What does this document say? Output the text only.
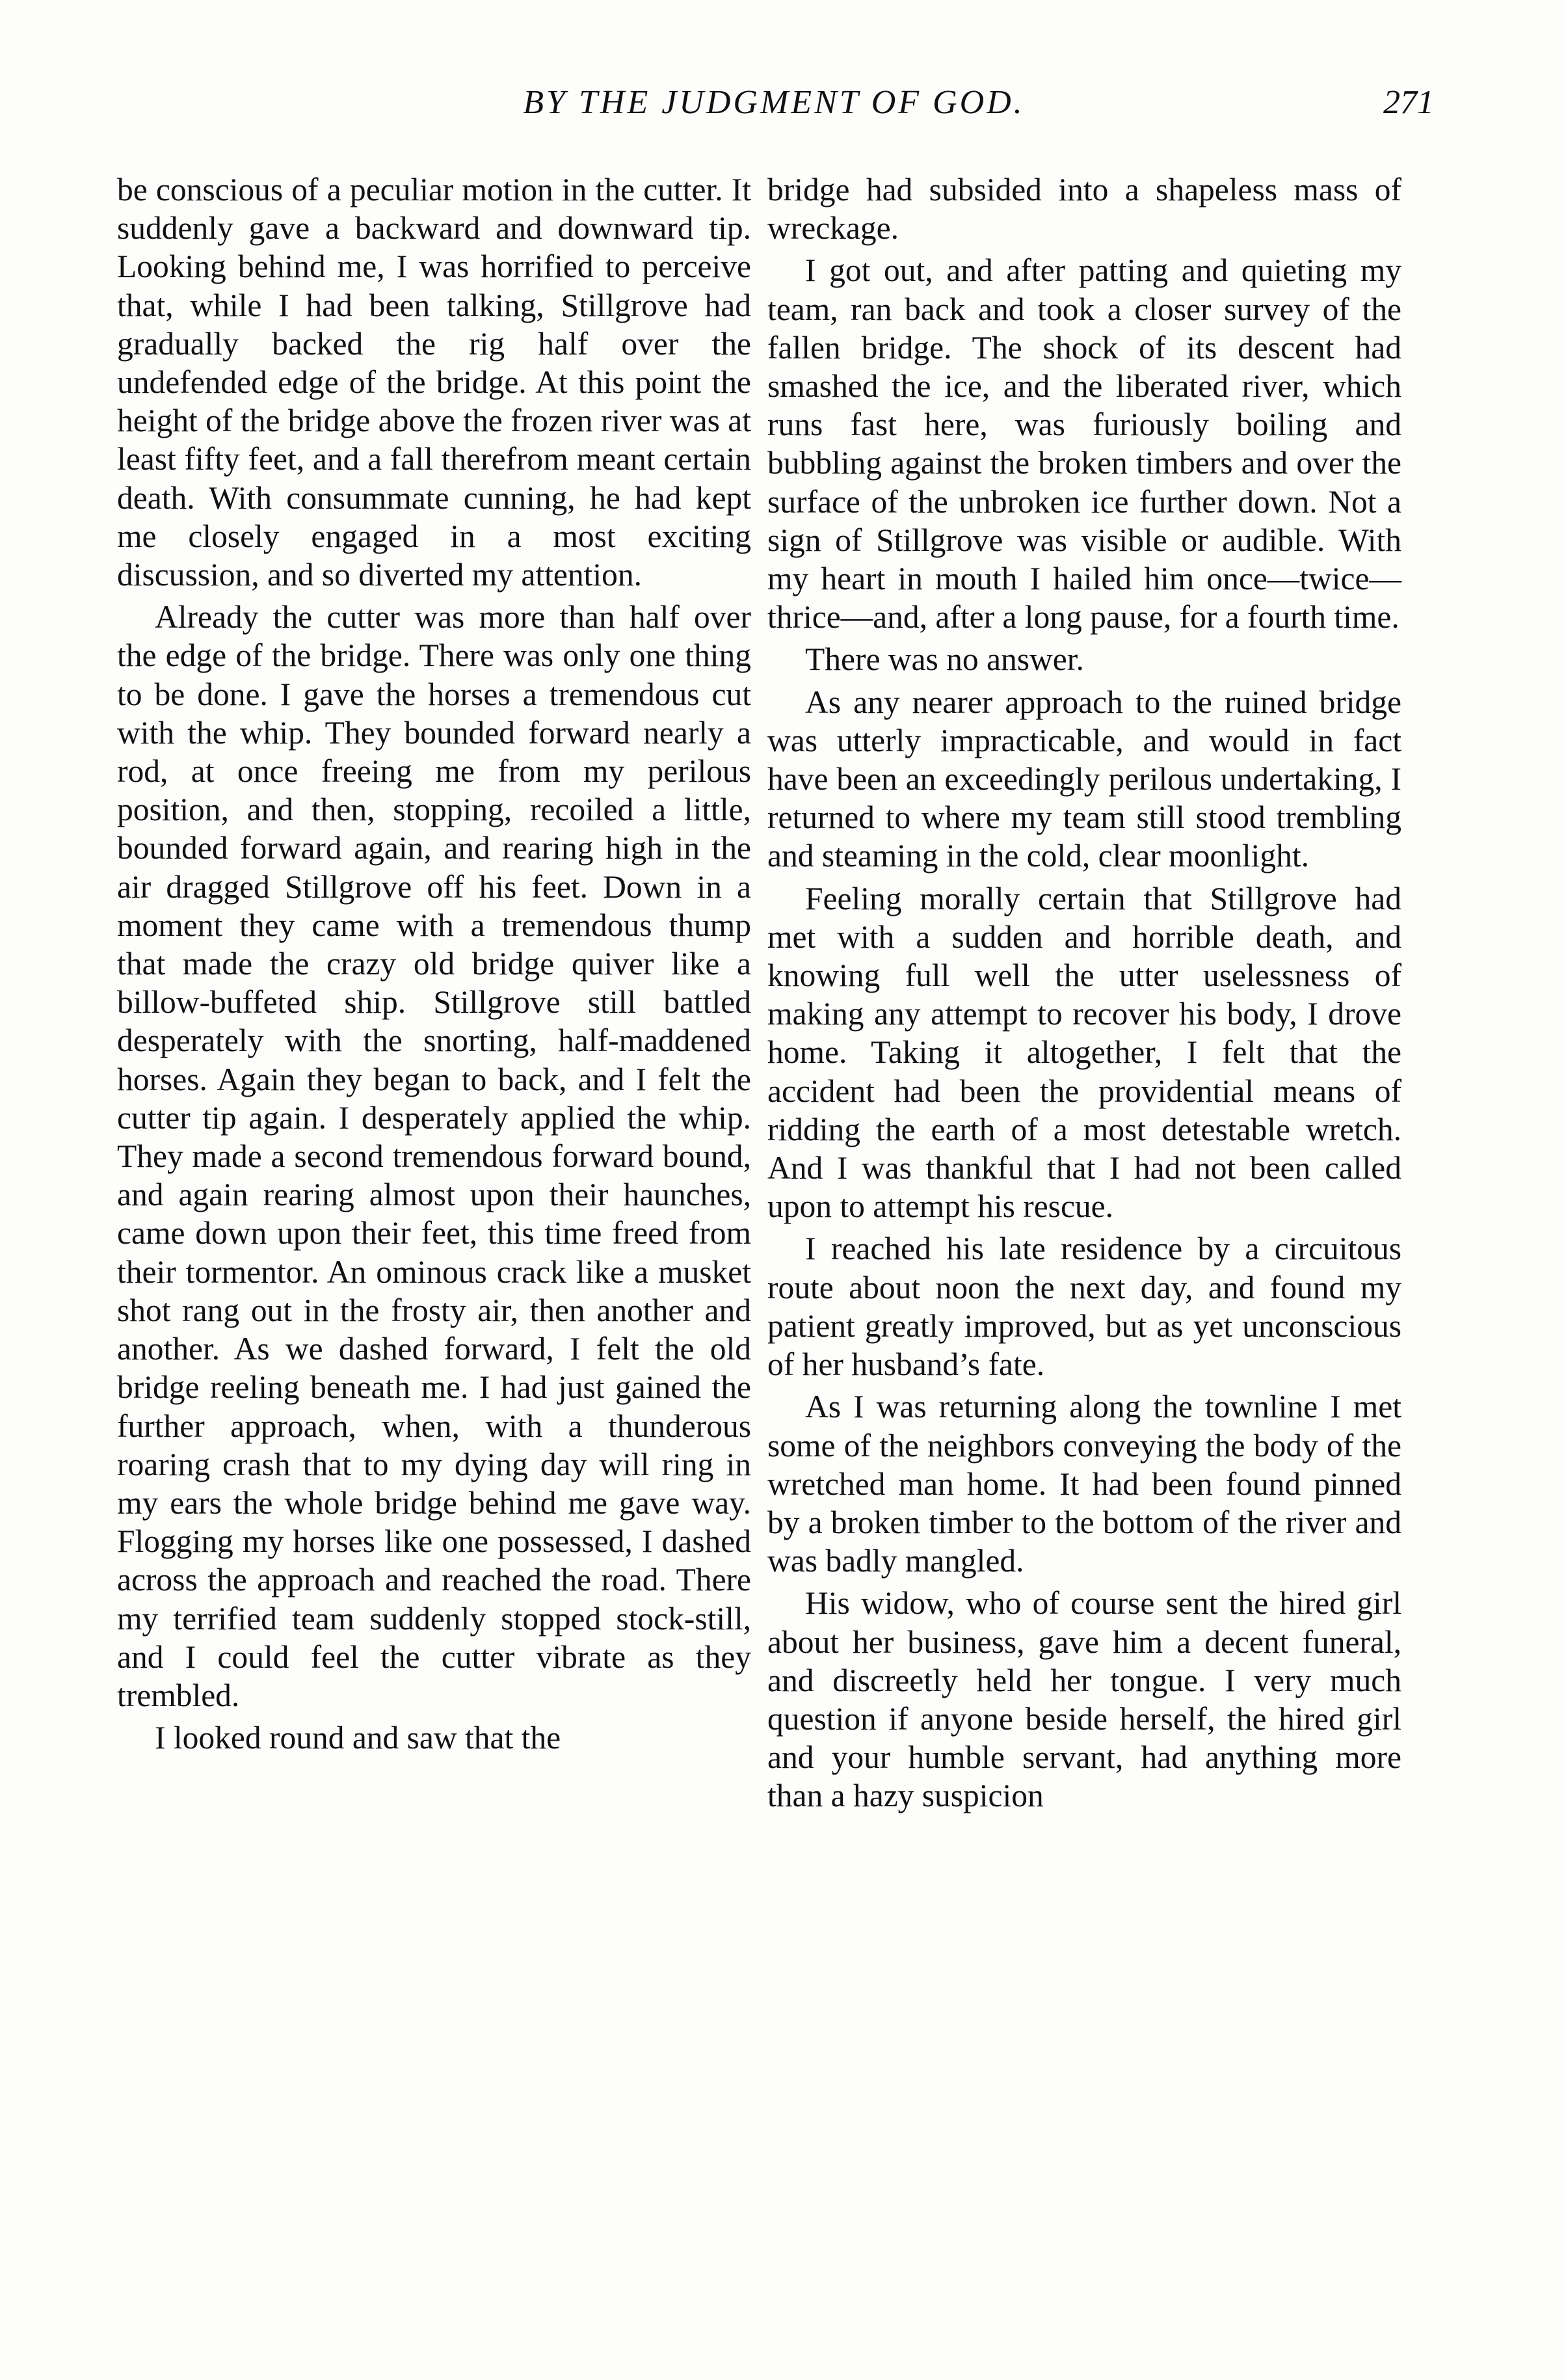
BY THE JUDGMENT OF GOD.	271

be conscious of a peculiar motion in the cutter. It suddenly gave a backward and downward tip. Looking behind me, I was horrified to perceive that, while I had been talking, Stillgrove had gradually backed the rig half over the undefended edge of the bridge. At this point the height of the bridge above the frozen river was at least fifty feet, and a fall therefrom meant certain death. With consummate cunning, he had kept me closely engaged in a most exciting discussion, and so diverted my attention.

Already the cutter was more than half over the edge of the bridge. There was only one thing to be done. I gave the horses a tremendous cut with the whip. They bounded forward nearly a rod, at once freeing me from my perilous position, and then, stopping, recoiled a little, bounded forward again, and rearing high in the air dragged Stillgrove off his feet. Down in a moment they came with a tremendous thump that made the crazy old bridge quiver like a billow-buffeted ship. Stillgrove still battled desperately with the snorting, half-maddened horses. Again they began to back, and I felt the cutter tip again. I desperately applied the whip. They made a second tremendous forward bound, and again rearing almost upon their haunches, came down upon their feet, this time freed from their tormentor. An ominous crack like a musket shot rang out in the frosty air, then another and another. As we dashed forward, I felt the old bridge reeling beneath me. I had just gained the further approach, when, with a thunderous roaring crash that to my dying day will ring in my ears the whole bridge behind me gave way. Flogging my horses like one possessed, I dashed across the approach and reached the road. There my terrified team suddenly stopped stock-still, and I could feel the cutter vibrate as they trembled.

I looked round and saw that the

bridge had subsided into a shapeless mass of wreckage.

I got out, and after patting and quieting my team, ran back and took a closer survey of the fallen bridge. The shock of its descent had smashed the ice, and the liberated river, which runs fast here, was furiously boiling and bubbling against the broken timbers and over the surface of the unbroken ice further down. Not a sign of Stillgrove was visible or audible. With my heart in mouth I hailed him once—twice—thrice—and, after a long pause, for a fourth time.

There was no answer.

As any nearer approach to the ruined bridge was utterly impracticable, and would in fact have been an exceedingly perilous undertaking, I returned to where my team still stood trembling and steaming in the cold, clear moonlight.

Feeling morally certain that Stillgrove had met with a sudden and horrible death, and knowing full well the utter uselessness of making any attempt to recover his body, I drove home. Taking it altogether, I felt that the accident had been the providential means of ridding the earth of a most detestable wretch. And I was thankful that I had not been called upon to attempt his rescue.

I reached his late residence by a circuitous route about noon the next day, and found my patient greatly improved, but as yet unconscious of her husband’s fate.

As I was returning along the townline I met some of the neighbors conveying the body of the wretched man home. It had been found pinned by a broken timber to the bottom of the river and was badly mangled.

His widow, who of course sent the hired girl about her business, gave him a decent funeral, and discreetly held her tongue. I very much question if anyone beside herself, the hired girl and your humble servant, had anything more than a hazy suspicion
